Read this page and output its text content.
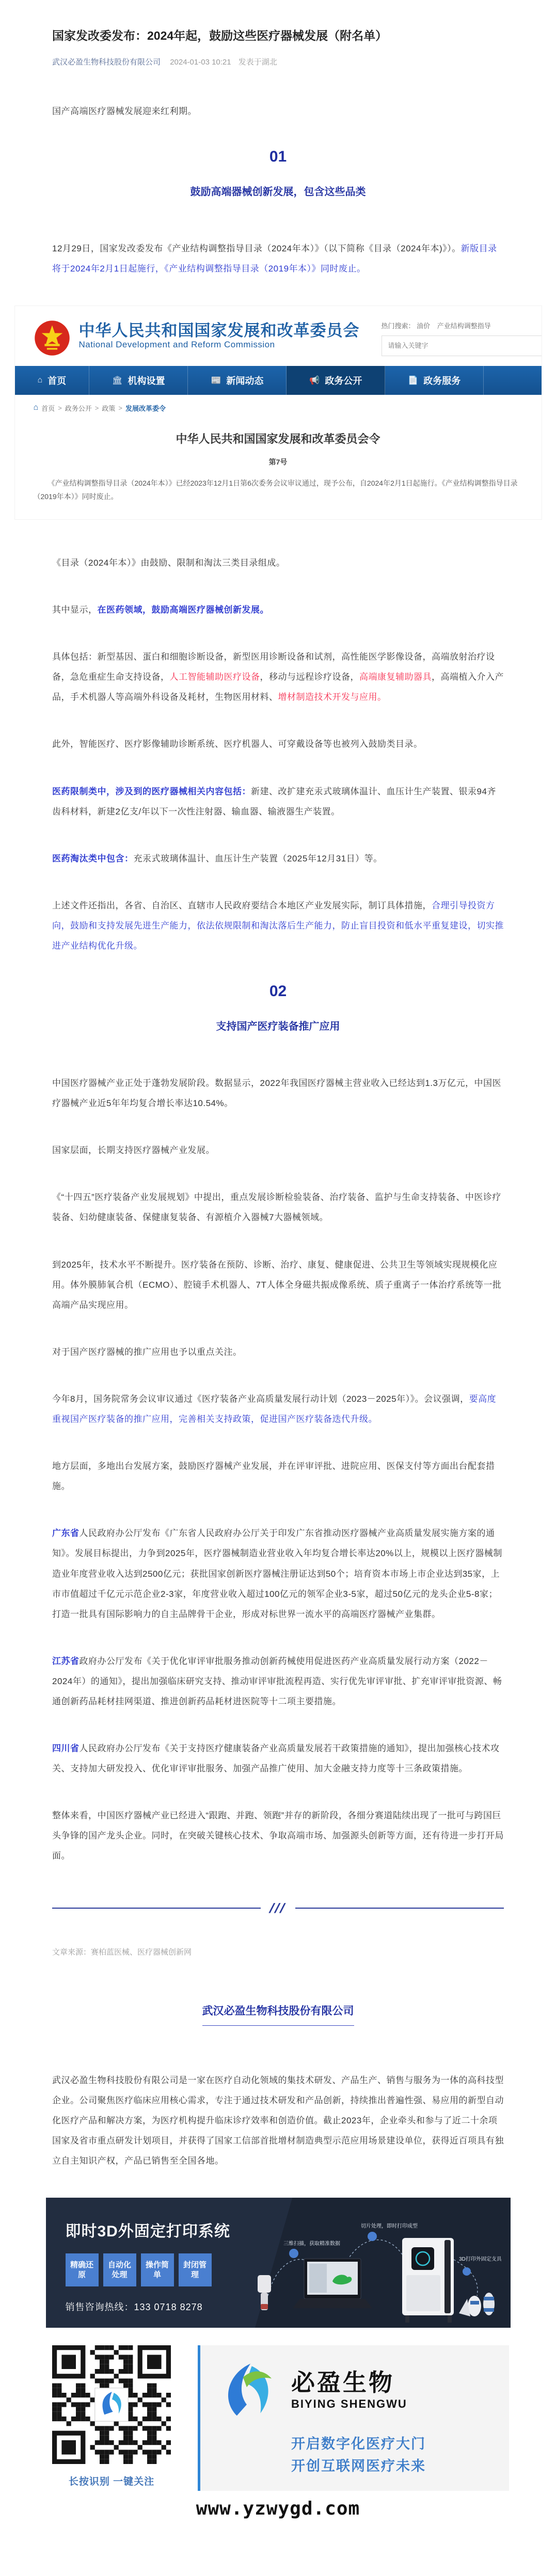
国家发改委发布：2024年起，鼓励这些医疗器械发展（附名单）
武汉必盈生物科技股份有限公司 2024-01-03 10:21 发表于湖北

国产高端医疗器械发展迎来红利期。

01
鼓励高端器械创新发展，包含这些品类

12月29日，国家发改委发布《产业结构调整指导目录（2024年本）》（以下简称《目录（2024年本)》）。新版目录将于2024年2月1日起施行，《产业结构调整指导目录（2019年本）》同时废止。

中华人民共和国国家发展和改革委员会
National Development and Reform Commission
热门搜索： 油价 产业结构调整指导
请输入关键字
⌂ 首页	🏛 机构设置	📰 新闻动态	📢 政务公开	📄 政务服务
⌂ 首页 > 政务公开 > 政策 > 发展改革委令
中华人民共和国国家发展和改革委员会令
第7号
《产业结构调整指导目录（2024年本）》已经2023年12月1日第6次委务会议审议通过，现予公布，自2024年2月1日起施行。《产业结构调整指导目录（2019年本）》同时废止。

《目录（2024年本）》由鼓励、限制和淘汰三类目录组成。

其中显示，在医药领域，鼓励高端医疗器械创新发展。

具体包括：新型基因、蛋白和细胞诊断设备，新型医用诊断设备和试剂，高性能医学影像设备，高端放射治疗设备，急危重症生命支持设备，人工智能辅助医疗设备，移动与远程诊疗设备，高端康复辅助器具，高端植入介入产品，手术机器人等高端外科设备及耗材，生物医用材料、增材制造技术开发与应用。

此外，智能医疗、医疗影像辅助诊断系统、医疗机器人、可穿戴设备等也被列入鼓励类目录。

医药限制类中，涉及到的医疗器械相关内容包括：新建、改扩建充汞式玻璃体温计、血压计生产装置、银汞94齐齿科材料，新建2亿支/年以下一次性注射器、输血器、输液器生产装置。

医药淘汰类中包含：充汞式玻璃体温计、血压计生产装置（2025年12月31日）等。

上述文件还指出，各省、自治区、直辖市人民政府要结合本地区产业发展实际，制订具体措施，合理引导投资方向，鼓励和支持发展先进生产能力，依法依规限制和淘汰落后生产能力，防止盲目投资和低水平重复建设，切实推进产业结构优化升级。

02
支持国产医疗装备推广应用

中国医疗器械产业正处于蓬勃发展阶段。数据显示，2022年我国医疗器械主营业收入已经达到1.3万亿元，中国医疗器械产业近5年年均复合增长率达10.54%。

国家层面，长期支持医疗器械产业发展。

《“十四五”医疗装备产业发展规划》中提出，重点发展诊断检验装备、治疗装备、监护与生命支持装备、中医诊疗装备、妇幼健康装备、保健康复装备、有源植介入器械7大器械领域。

到2025年，技术水平不断提升。医疗装备在预防、诊断、治疗、康复、健康促进、公共卫生等领域实现规模化应用。体外膜肺氧合机（ECMO）、腔镜手术机器人、7T人体全身磁共振成像系统、质子重离子一体治疗系统等一批高端产品实现应用。

对于国产医疗器械的推广应用也予以重点关注。

今年8月，国务院常务会议审议通过《医疗装备产业高质量发展行动计划（2023－2025年）》。会议强调，要高度重视国产医疗装备的推广应用，完善相关支持政策，促进国产医疗装备迭代升级。

地方层面，多地出台发展方案，鼓励医疗器械产业发展，并在评审评批、进院应用、医保支付等方面出台配套措施。

广东省人民政府办公厅发布《广东省人民政府办公厅关于印发广东省推动医疗器械产业高质量发展实施方案的通知》。发展目标提出，力争到2025年，医疗器械制造业营业收入年均复合增长率达20%以上，规模以上医疗器械制造业年度营业收入达到2500亿元；获批国家创新医疗器械注册证达到50个；培育资本市场上市企业达到35家，上市市值超过千亿元示范企业2-3家，年度营业收入超过100亿元的领军企业3-5家，超过50亿元的龙头企业5-8家；打造一批具有国际影响力的自主品牌骨干企业，形成对标世界一流水平的高端医疗器械产业集群。

江苏省政府办公厅发布《关于优化审评审批服务推动创新药械使用促进医药产业高质量发展行动方案（2022－2024年）的通知》，提出加强临床研究支持、推动审评审批流程再造、实行优先审评审批、扩充审评审批资源、畅通创新药品耗材挂网渠道、推进创新药品耗材进医院等十二项主要措施。

四川省人民政府办公厅发布《关于支持医疗健康装备产业高质量发展若干政策措施的通知》，提出加强核心技术攻关、支持加大研发投入、优化审评审批服务、加强产品推广使用、加大金融支持力度等十三条政策措施。

整体来看，中国医疗器械产业已经进入“跟跑、并跑、领跑”并存的新阶段，各细分赛道陆续出现了一批可与跨国巨头争锋的国产龙头企业。同时，在突破关键核心技术、争取高端市场、加强源头创新等方面，还有待进一步打开局面。

///
文章来源：赛柏蓝医械、医疗器械创新网
武汉必盈生物科技股份有限公司

武汉必盈生物科技股份有限公司是一家在医疗自动化领域的集技术研发、产品生产、销售与服务为一体的高科技型企业。公司聚焦医疗临床应用核心需求，专注于通过技术研发和产品创新，持续推出普遍性强、易应用的新型自动化医疗产品和解决方案，为医疗机构提升临床诊疗效率和创造价值。截止2023年，企业牵头和参与了近二十余项国家及省市重点研发计划项目，并获得了国家工信部首批增材制造典型示范应用场景建设单位，获得近百项具有独立自主知识产权，产品已销售至全国各地。

即时3D外固定打印系统
精确还原
自动化处理
操作简单
封闭管理
销售咨询热线：133 0718 8278
三维扫描，获取精准数据
切片处理，即时打印成型
3D打印外固定支具
长按识别 一键关注
必盈生物
BIYING SHENGWU
开启数字化医疗大门
开创互联网医疗未来
www.yzwygd.com
